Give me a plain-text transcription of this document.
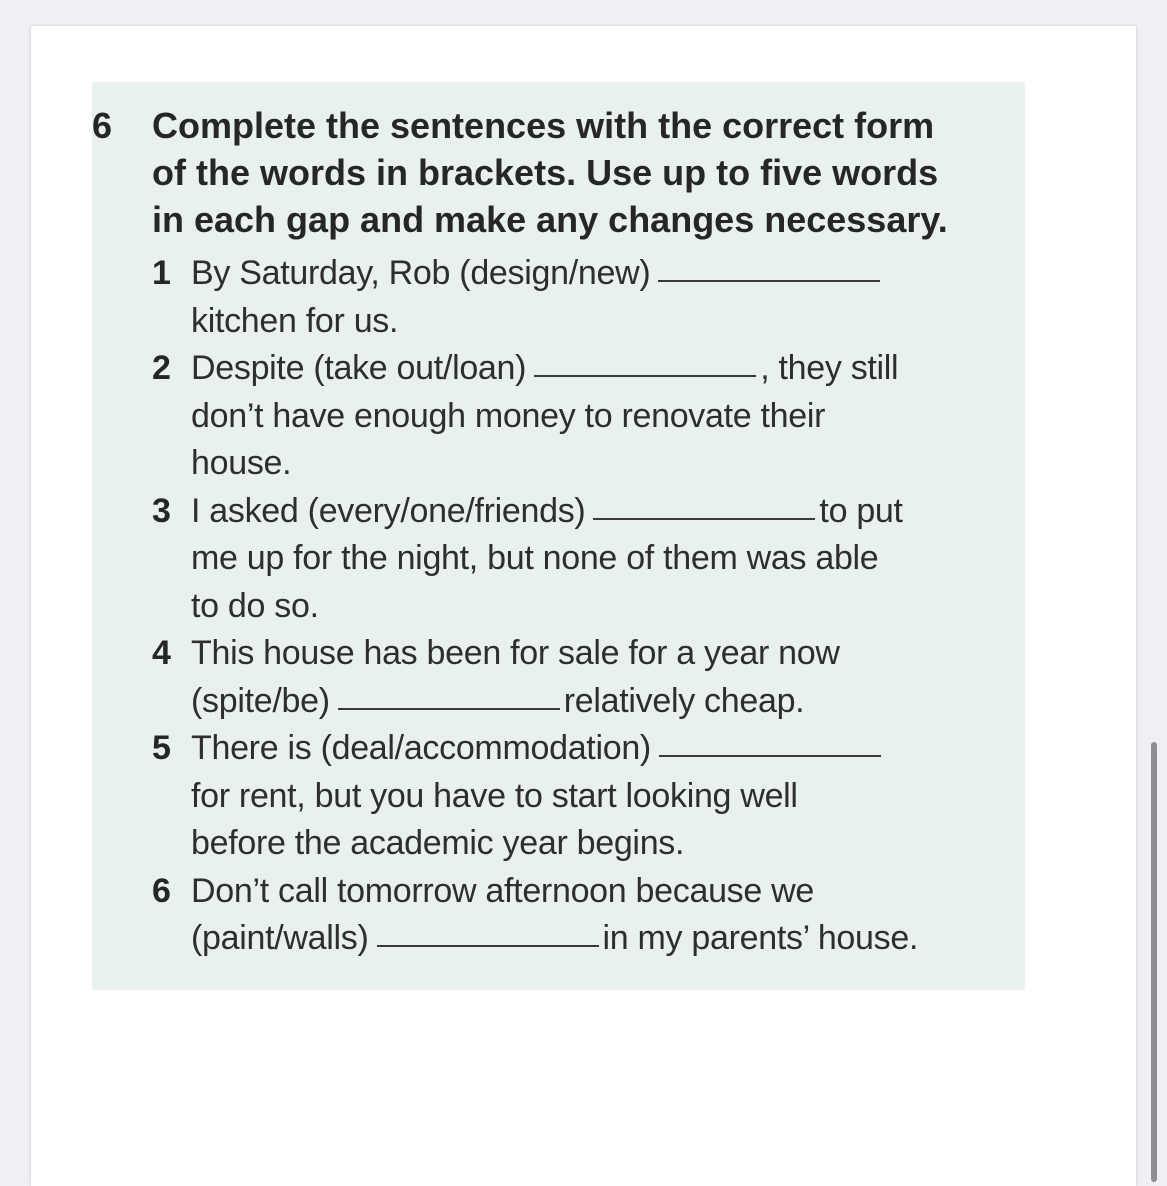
6 Complete the sentences with the correct form
of the words in brackets. Use up to five words
in each gap and make any changes necessary.
1 By Saturday, Rob (design/new)
kitchen for us.
2 Despite (take out/loan)	, they still
don’t have enough money to renovate their
house.
3 I asked (every/one/friends)	to put
me up for the night, but none of them was able
to do so.
4 This house has been for sale for a year now
(spite/be)	relatively cheap.
5 There is (deal/accommodation)
for rent, but you have to start looking well
before the academic year begins.
6 Don’t call tomorrow afternoon because we
(paint/walls)	in my parents’ house.
